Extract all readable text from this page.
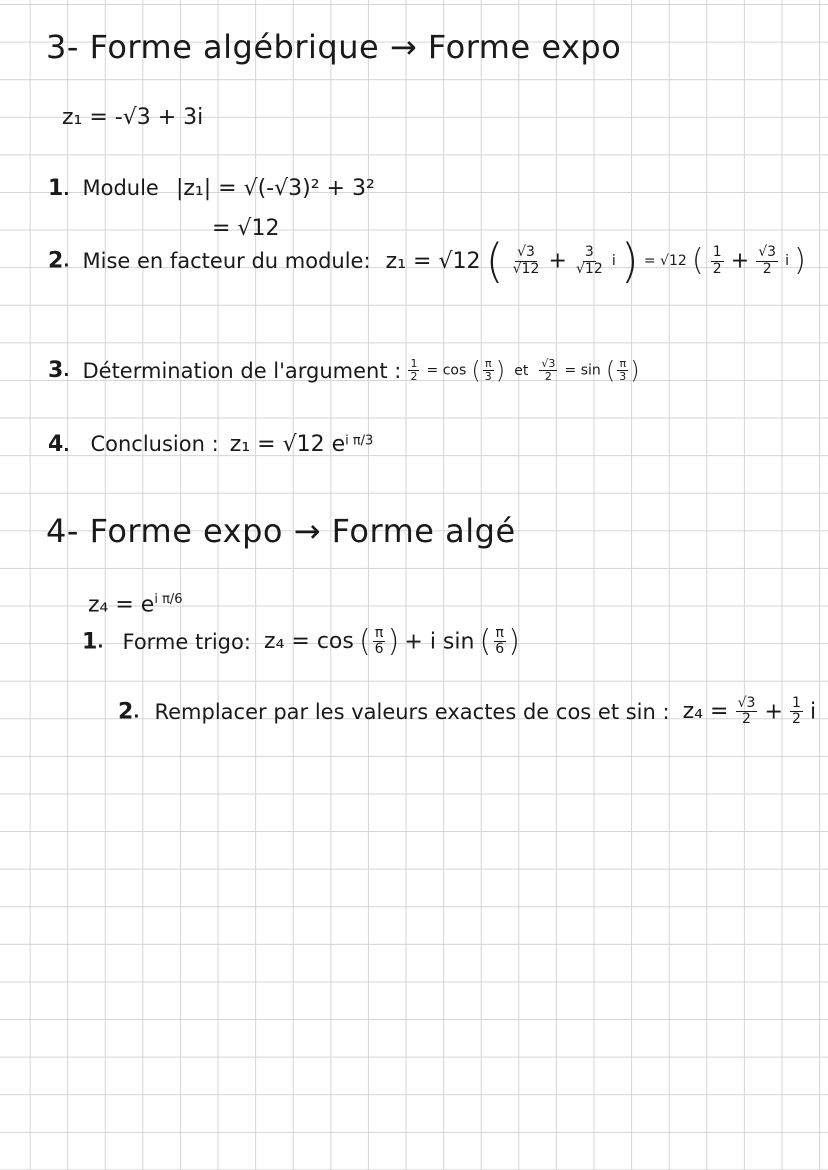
3- Forme algébrique → Forme expo
z₁ = -√3 + 3i
1. Module |z₁| = √(-√3)² + 3²
= √12
2. Mise en facteur du module: z₁ = √12 ( $\frac{√3}{√12} + \frac{3}{√12}$ i ) = √12 ( $\frac{1}{2} + \frac{√3}{2}$ i )
3. Détermination de l'argument : $\frac{1}{2} = \cos$ ( $\frac{\pi}{3}$ ) et $\frac{√3}{2} = \sin$ ( $\frac{\pi}{3}$ )
4. Conclusion : z₁ = √12 $e^{i \pi/3}$
4- Forme expo → Forme algé
$z_4 = e^{i \pi/6}$
1. Forme trigo: z₄ = cos ( $\frac{\pi}{6}$ ) + i sin ( $\frac{\pi}{6}$ )
2. Remplacer par les valeurs exactes de cos et sin : $z_4 = \frac{√3}{2} + \frac{1}{2}$ i
